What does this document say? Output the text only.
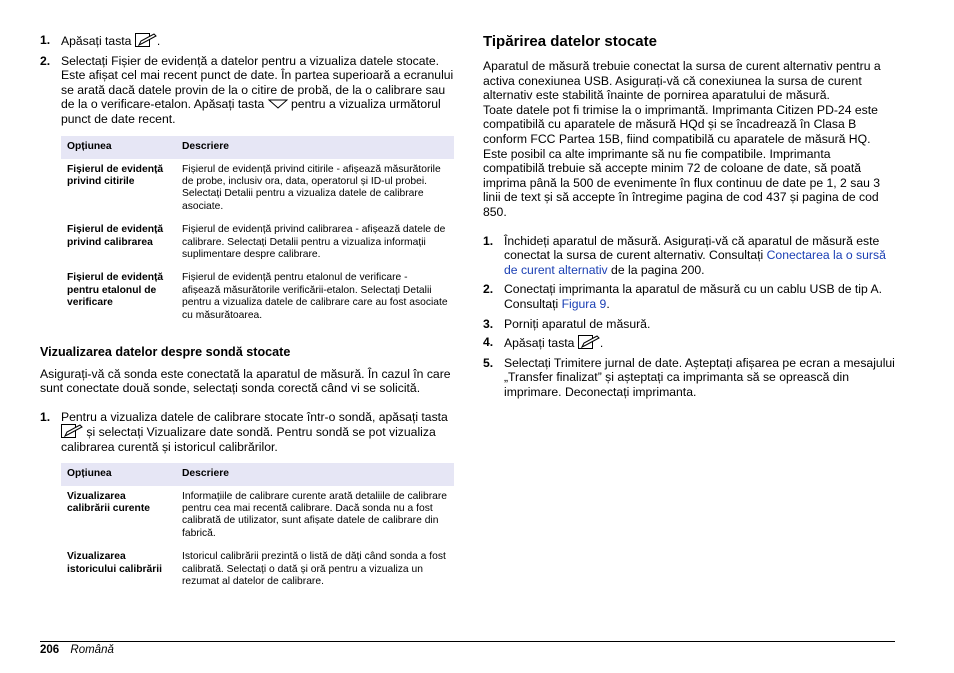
1. Apăsați tasta .
2. Selectați Fișier de evidență a datelor pentru a vizualiza datele stocate. Este afișat cel mai recent punct de date. În partea superioară a ecranului se arată dacă datele provin de la o citire de probă, de la o calibrare sau de la o verificare-etalon. Apăsați tasta pentru a vizualiza următorul punct de date recent.
Opțiunea	Descriere
Fișierul de evidență privind citirile	Fișierul de evidență privind citirile - afișează măsurătorile de probe, inclusiv ora, data, operatorul și ID-ul probei. Selectați Detalii pentru a vizualiza datele de calibrare asociate.
Fișierul de evidență privind calibrarea	Fișierul de evidență privind calibrarea - afișează datele de calibrare. Selectați Detalii pentru a vizualiza informații suplimentare despre calibrare.
Fișierul de evidență pentru etalonul de verificare	Fișierul de evidență pentru etalonul de verificare - afișează măsurătorile verificării-etalon. Selectați Detalii pentru a vizualiza datele de calibrare care au fost asociate cu măsurătoarea.
Vizualizarea datelor despre sondă stocate

Asigurați-vă că sonda este conectată la aparatul de măsură. În cazul în care sunt conectate două sonde, selectați sonda corectă când vi se solicită.

1. Pentru a vizualiza datele de calibrare stocate într-o sondă, apăsați tasta  și selectați Vizualizare date sondă. Pentru sondă se pot vizualiza calibrarea curentă și istoricul calibrărilor.
Opțiunea	Descriere
Vizualizarea calibrării curente	Informațiile de calibrare curente arată detaliile de calibrare pentru cea mai recentă calibrare. Dacă sonda nu a fost calibrată de utilizator, sunt afișate datele de calibrare din fabrică.
Vizualizarea istoricului calibrării	Istoricul calibrării prezintă o listă de dăți când sonda a fost calibrată. Selectați o dată și oră pentru a vizualiza un rezumat al datelor de calibrare.
Tipărirea datelor stocate

Aparatul de măsură trebuie conectat la sursa de curent alternativ pentru a activa conexiunea USB. Asigurați-vă că conexiunea la sursa de curent alternativ este stabilită înainte de pornirea aparatului de măsură.

Toate datele pot fi trimise la o imprimantă. Imprimanta Citizen PD-24 este compatibilă cu aparatele de măsură HQd și se încadrează în Clasa B conform FCC Partea 15B, fiind compatibilă cu aparatele de măsură HQ. Este posibil ca alte imprimante să nu fie compatibile. Imprimanta compatibilă trebuie să accepte minim 72 de coloane de date, să poată imprima până la 500 de evenimente în flux continuu de date pe 1, 2 sau 3 linii de text și să accepte în întregime pagina de cod 437 și pagina de cod 850.

1. Închideți aparatul de măsură. Asigurați-vă că aparatul de măsură este conectat la sursa de curent alternativ. Consultați Conectarea la o sursă de curent alternativ de la pagina 200.
2. Conectați imprimanta la aparatul de măsură cu un cablu USB de tip A. Consultați Figura 9.
3. Porniți aparatul de măsură.
4. Apăsați tasta .
5. Selectați Trimitere jurnal de date. Așteptați afișarea pe ecran a mesajului „Transfer finalizat” și așteptați ca imprimanta să se oprească din imprimare. Deconectați imprimanta.
206 Română
